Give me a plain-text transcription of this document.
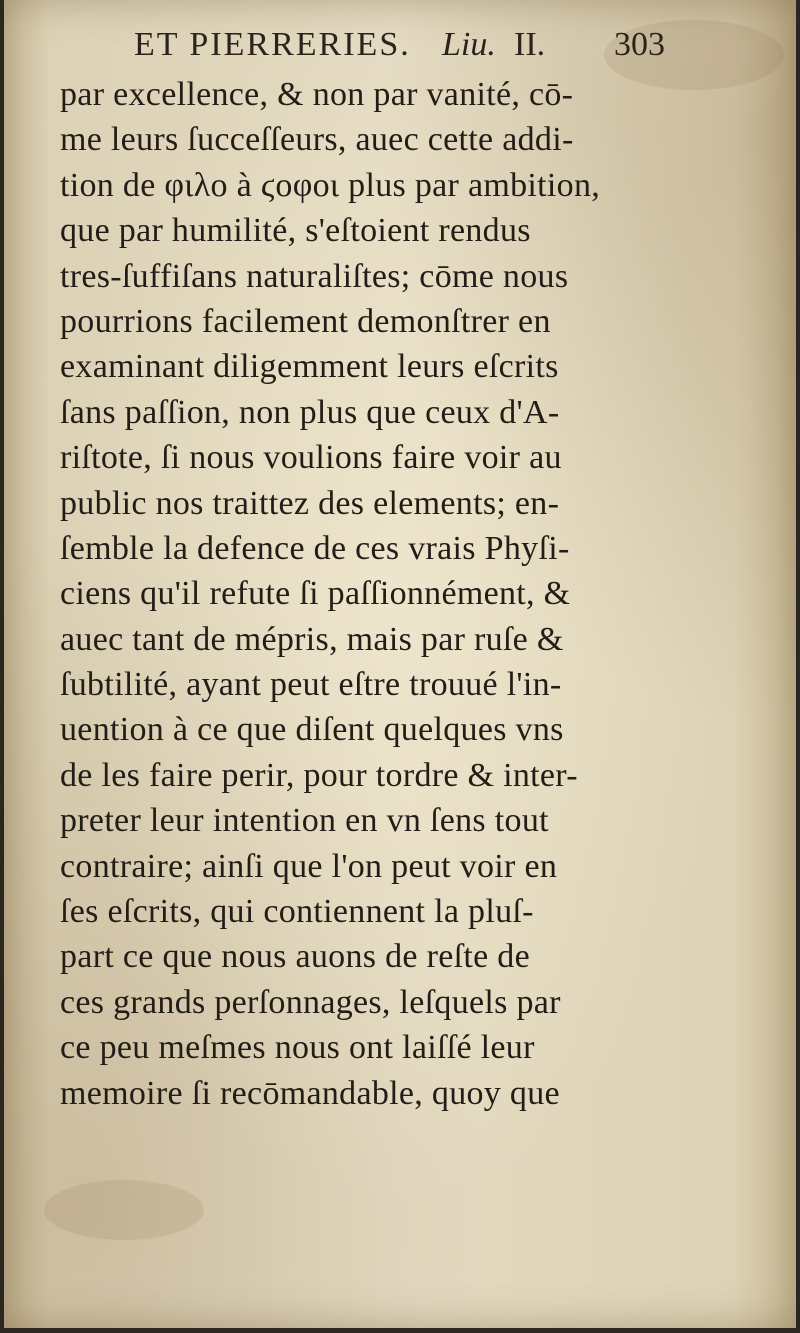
ET PIERRERIES. Liu. II. 303
par excellence, & non par vanité, cō-
me leurs ſucceſſeurs, auec cette addi-
tion de φιλο à ϛοφοι plus par ambition,
que par humilité, s'eſtoient rendus
tres-ſuffiſans naturaliſtes; cōme nous
pourrions facilement demonſtrer en
examinant diligemment leurs eſcrits
ſans paſſion, non plus que ceux d'A-
riſtote, ſi nous voulions faire voir au
public nos traittez des elements; en-
ſemble la defence de ces vrais Phyſi-
ciens qu'il refute ſi paſſionnément, &
auec tant de mépris, mais par ruſe &
ſubtilité, ayant peut eſtre trouué l'in-
uention à ce que diſent quelques vns
de les faire perir, pour tordre & inter-
preter leur intention en vn ſens tout
contraire; ainſi que l'on peut voir en
ſes eſcrits, qui contiennent la pluſ-
part ce que nous auons de reſte de
ces grands perſonnages, leſquels par
ce peu meſmes nous ont laiſſé leur
memoire ſi recōmandable, quoy que
